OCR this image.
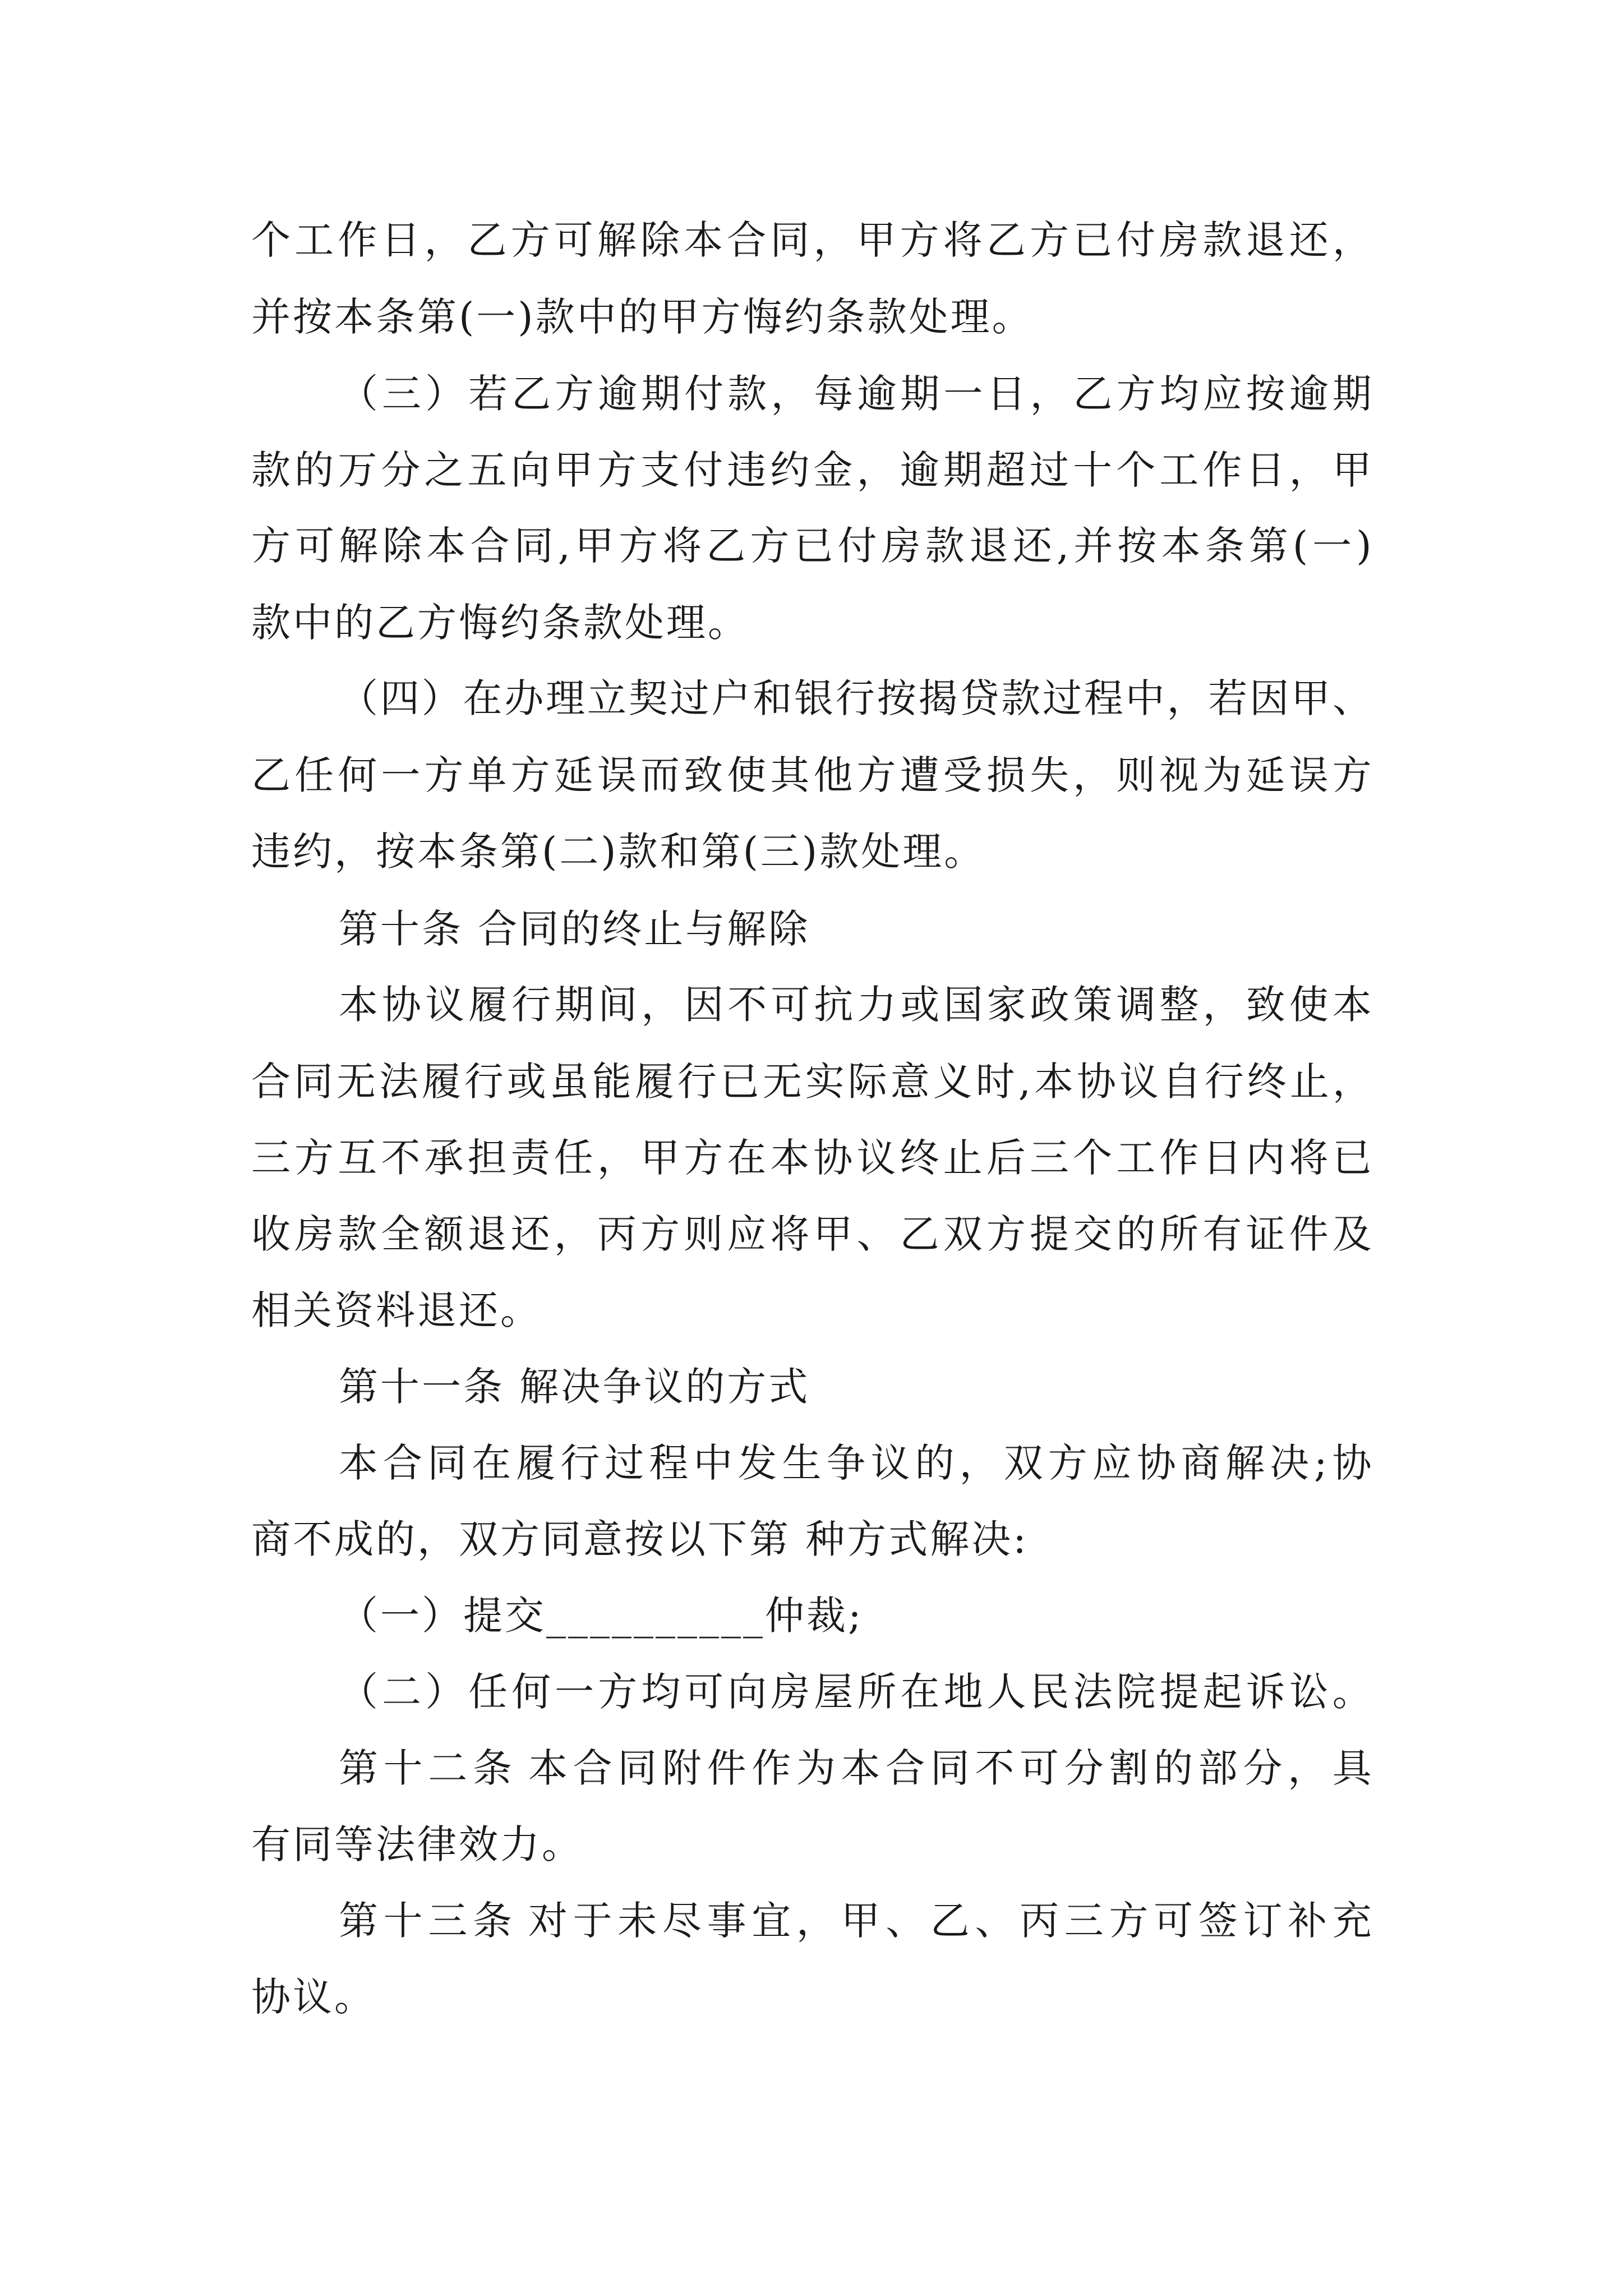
个 工 作 日 ， 乙 方 可 解 除 本 合 同 ， 甲 方 将 乙 方 已 付 房 款 退 还 ，
并按本条第(一)款中的甲方悔约条款处理。
（ 三 ） 若 乙 方 逾 期 付 款 ， 每 逾 期 一 日 ， 乙 方 均 应 按 逾 期
款 的 万 分 之 五 向 甲 方 支 付 违 约 金 ， 逾 期 超 过 十 个 工 作 日 ， 甲
方 可 解 除 本 合 同 , 甲 方 将 乙 方 已 付 房 款 退 还 , 并 按 本 条 第 ( 一 )
款中的乙方悔约条款处理。
（ 四 ） 在 办 理 立 契 过 户 和 银 行 按 揭 贷 款 过 程 中 ， 若 因 甲 、
乙 任 何 一 方 单 方 延 误 而 致 使 其 他 方 遭 受 损 失 ， 则 视 为 延 误 方
违约，按本条第(二)款和第(三)款处理。
第十条 合同的终止与解除
本 协 议 履 行 期 间 ， 因 不 可 抗 力 或 国 家 政 策 调 整 ， 致 使 本
合 同 无 法 履 行 或 虽 能 履 行 已 无 实 际 意 义 时 , 本 协 议 自 行 终 止 ，
三 方 互 不 承 担 责 任 ， 甲 方 在 本 协 议 终 止 后 三 个 工 作 日 内 将 已
收 房 款 全 额 退 还 ， 丙 方 则 应 将 甲 、 乙 双 方 提 交 的 所 有 证 件 及
相关资料退还。
第十一条 解决争议的方式
本 合 同 在 履 行 过 程 中 发 生 争 议 的 ， 双 方 应 协 商 解 决 ; 协
商不成的，双方同意按以下第 种方式解决:
（一）提交__________仲裁;
（ 二 ） 任 何 一 方 均 可 向 房 屋 所 在 地 人 民 法 院 提 起 诉 讼 。
第 十 二 条 本 合 同 附 件 作 为 本 合 同 不 可 分 割 的 部 分 ， 具
有同等法律效力。
第 十 三 条 对 于 未 尽 事 宜 ， 甲 、 乙 、 丙 三 方 可 签 订 补 充
协议。
